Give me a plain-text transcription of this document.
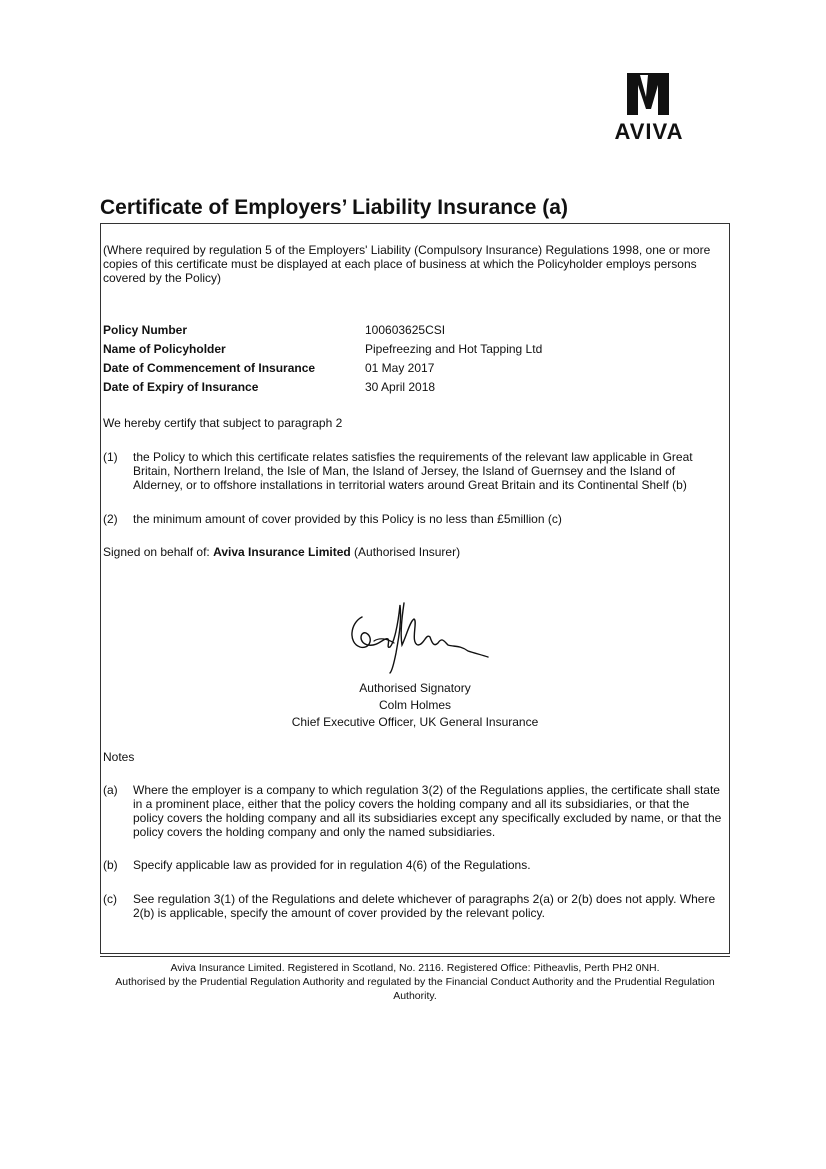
AVIVA
Certificate of Employers’ Liability Insurance (a)
(Where required by regulation 5 of the Employers' Liability (Compulsory Insurance) Regulations 1998, one or more copies of this certificate must be displayed at each place of business at which the Policyholder employs persons covered by the Policy)
Policy Number	100603625CSI
Name of Policyholder	Pipefreezing and Hot Tapping Ltd
Date of Commencement of Insurance	01 May 2017
Date of Expiry of Insurance	30 April 2018
We hereby certify that subject to paragraph 2
(1) the Policy to which this certificate relates satisfies the requirements of the relevant law applicable in Great Britain, Northern Ireland, the Isle of Man, the Island of Jersey, the Island of Guernsey and the Island of Alderney, or to offshore installations in territorial waters around Great Britain and its Continental Shelf (b)
(2) the minimum amount of cover provided by this Policy is no less than £5million (c)
Signed on behalf of: Aviva Insurance Limited (Authorised Insurer)
Authorised Signatory
Colm Holmes
Chief Executive Officer, UK General Insurance
Notes
(a) Where the employer is a company to which regulation 3(2) of the Regulations applies, the certificate shall state in a prominent place, either that the policy covers the holding company and all its subsidiaries, or that the policy covers the holding company and all its subsidiaries except any specifically excluded by name, or that the policy covers the holding company and only the named subsidiaries.
(b) Specify applicable law as provided for in regulation 4(6) of the Regulations.
(c) See regulation 3(1) of the Regulations and delete whichever of paragraphs 2(a) or 2(b) does not apply. Where 2(b) is applicable, specify the amount of cover provided by the relevant policy.
Aviva Insurance Limited. Registered in Scotland, No. 2116. Registered Office: Pitheavlis, Perth PH2 0NH.
Authorised by the Prudential Regulation Authority and regulated by the Financial Conduct Authority and the Prudential Regulation Authority.
